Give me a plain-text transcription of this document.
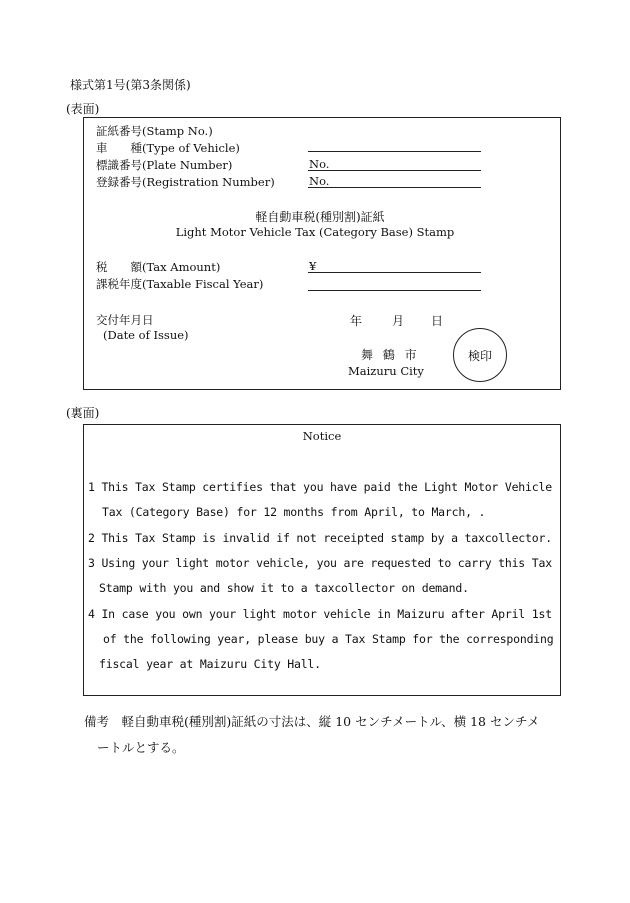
様式第1号(第3条関係)
(表面)
証紙番号(Stamp No.)
車　　種(Type of Vehicle)
標識番号(Plate Number)	No.
登録番号(Registration Number)	No.
軽自動車税(種別割)証紙
Light Motor Vehicle Tax (Category Base) Stamp
税　　額(Tax Amount)	¥
課税年度(Taxable Fiscal Year)
交付年月日
(Date of Issue)
年 月 日
舞 鶴 市
Maizuru City
検印
(裏面)
Notice
1 This Tax Stamp certifies that you have paid the Light Motor Vehicle
Tax (Category Base) for 12 months from April, to March, .
2 This Tax Stamp is invalid if not receipted stamp by a taxcollector.
3 Using your light motor vehicle, you are requested to carry this Tax
Stamp with you and show it to a taxcollector on demand.
4 In case you own your light motor vehicle in Maizuru after April 1st
of the following year, please buy a Tax Stamp for the corresponding
fiscal year at Maizuru City Hall.
備考　軽自動車税(種別割)証紙の寸法は、縦 10 センチメートル、横 18 センチメ
ートルとする。
